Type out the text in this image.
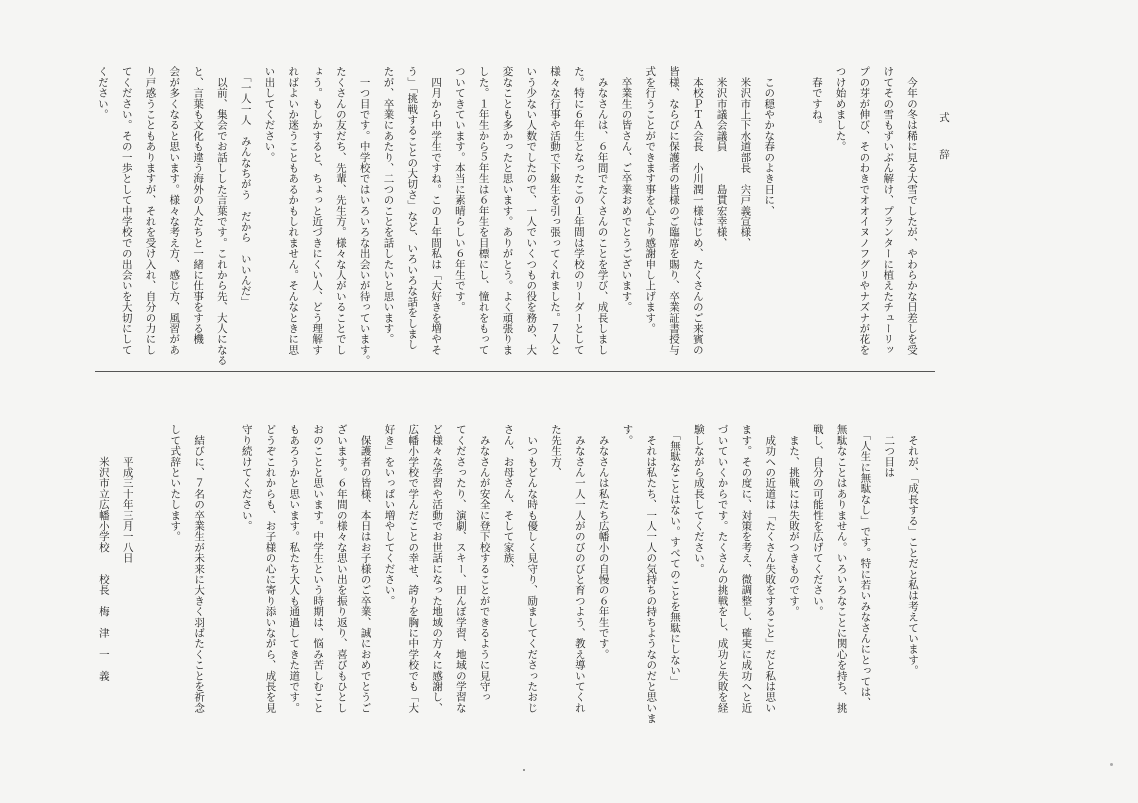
式　辞

　今年の冬は稀に見る大雪でしたが、やわらかな日差しを受

けてその雪もずいぶん解け、プランターに植えたチューリッ

プの芽が伸び、そのわきでオオイヌノフグリやナズナが花を

つけ始めました。

　春ですね。

　この穏やかな春のよき日に、

　米沢市上下水道部長　宍戸義宣様、

　米沢市議会議員　　　島貫宏幸様、

　本校ＰＴＡ会長　小川潤一様はじめ、たくさんのご来賓の

皆様、ならびに保護者の皆様のご臨席を賜り、卒業証書授与

式を行うことができます事を心より感謝申し上げます。

　卒業生の皆さん、ご卒業おめでとうございます。

　みなさんは、６年間でたくさんのことを学び、成長しまし

た。特に６年生となったこの１年間は学校のリーダーとして

様々な行事や活動で下級生を引っ張ってくれました。７人と

いう少ない人数でしたので、一人でいくつもの役を務め、大

変なことも多かったと思います。ありがとう。よく頑張りま

した。１年生から５年生は６年生を目標にし、憧れをもって

ついてきています。本当に素晴らしい６年生です。

　四月から中学生ですね。この１年間私は「大好きを増やそ

う」「挑戦することの大切さ」など、いろいろな話をしまし

たが、卒業にあたり、二つのことを話したいと思います。

　一つ目です。中学校ではいろいろな出会いが待っています。

たくさんの友だち、先輩、先生方。様々な人がいることでし

ょう。もしかすると、ちょっと近づきにくい人、どう理解す

ればよいか迷うこともあるかもしれません。そんなときに思

い出してください。

　「一人一人　みんなちがう　だから　いいんだ」

　以前、集会でお話しした言葉です。これから先、大人になる

と、言葉も文化も違う海外の人たちと一緒に仕事をする機

会が多くなると思います。様々な考え方、感じ方、風習があ

り戸惑うこともありますが、それを受け入れ、自分の力にし

てください。その一歩として中学校での出会いを大切にして

ください。

　それが、「成長する」ことだと私は考えています。

　二つ目は

　「人生に無駄なし」です。特に若いみなさんにとっては、

無駄なことはありません。いろいろなことに関心を持ち、挑

戦し、自分の可能性を広げてください。

　また、挑戦には失敗がつきものです。

　成功への近道は「たくさん失敗をすること」だと私は思い

ます。その度に、対策を考え、微調整し、確実に成功へと近

づいていくからです。たくさんの挑戦をし、成功と失敗を経

験しながら成長してください。

　「無駄なことはない。すべてのことを無駄にしない」

　それは私たち、一人一人の気持ちの持ちようなのだと思いま

す。

　みなさんは私たち広幡小の自慢の６年生です。

　みなさん一人一人がのびのびと育つよう、教え導いてくれ

た先生方、

　いつもどんな時も優しく見守り、励ましてくださったおじ

さん、お母さん、そして家族、

　みなさんが安全に登下校することができるように見守っ

てくださったり、演劇、スキー、田んぼ学習、地域の学習な

ど様々な学習や活動でお世話になった地域の方々に感謝し、

広幡小学校で学んだことの幸せ、誇りを胸に中学校でも「大

好き」をいっぱい増やしてください。

　保護者の皆様、本日はお子様のご卒業、誠におめでとうご

ざいます。６年間の様々な思い出を振り返り、喜びもひとし

おのことと思います。中学生という時期は、悩み苦しむこと

もあろうかと思います。私たち大人も通過してきた道です。

どうぞこれからも、お子様の心に寄り添いながら、成長を見

守り続けてください。

　結びに、７名の卒業生が未来に大きく羽ばたくことを祈念

して式辞といたします。

　　　平成三十年三月一八日

　　　米沢市立広幡小学校　　校長　梅　津　一　義
